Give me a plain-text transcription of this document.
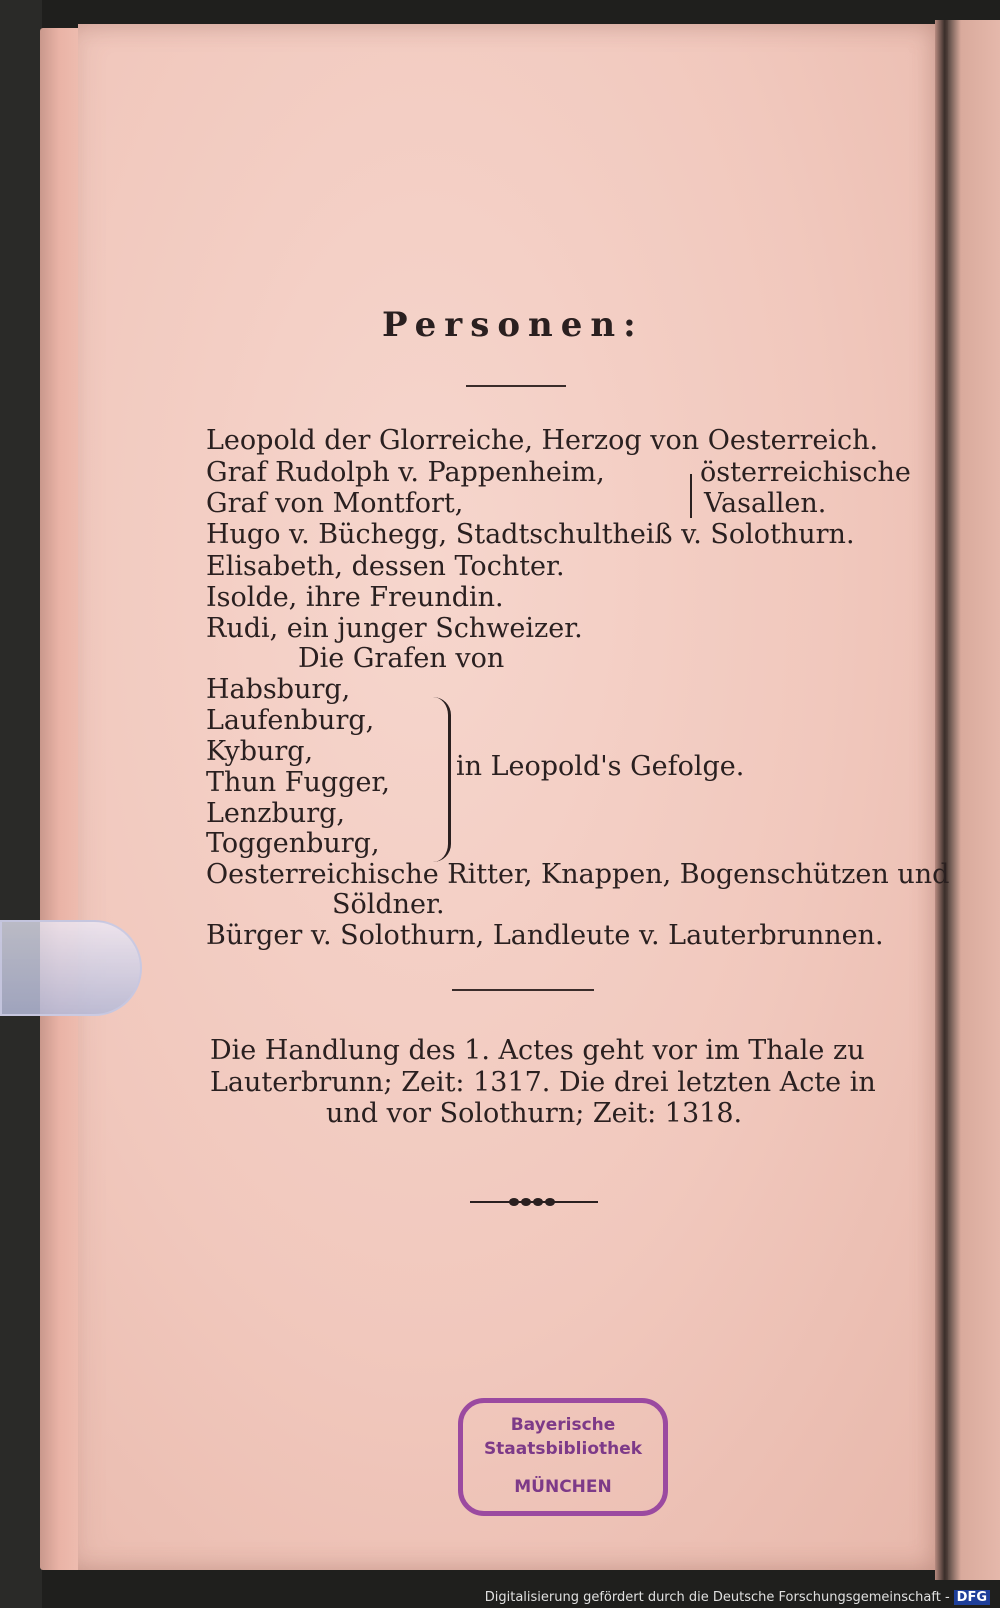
Personen:
Leopold der Glorreiche, Herzog von Oesterreich.
Graf Rudolph v. Pappenheim,
Graf von Montfort,
österreichische
Vasallen.
Hugo v. Büchegg, Stadtschultheiß v. Solothurn.
Elisabeth, dessen Tochter.
Isolde, ihre Freundin.
Rudi, ein junger Schweizer.
Die Grafen von
Habsburg,
Laufenburg,
Kyburg,
Thun Fugger,
Lenzburg,
Toggenburg,
in Leopold's Gefolge.
Oesterreichische Ritter, Knappen, Bogenschützen und
Söldner.
Bürger v. Solothurn, Landleute v. Lauterbrunnen.
Die Handlung des 1. Actes geht vor im Thale zu
Lauterbrunn; Zeit: 1317. Die drei letzten Acte in
und vor Solothurn; Zeit: 1318.
Bayerische
Staatsbibliothek
MÜNCHEN
Digitalisierung gefördert durch die Deutsche Forschungsgemeinschaft - DFG
